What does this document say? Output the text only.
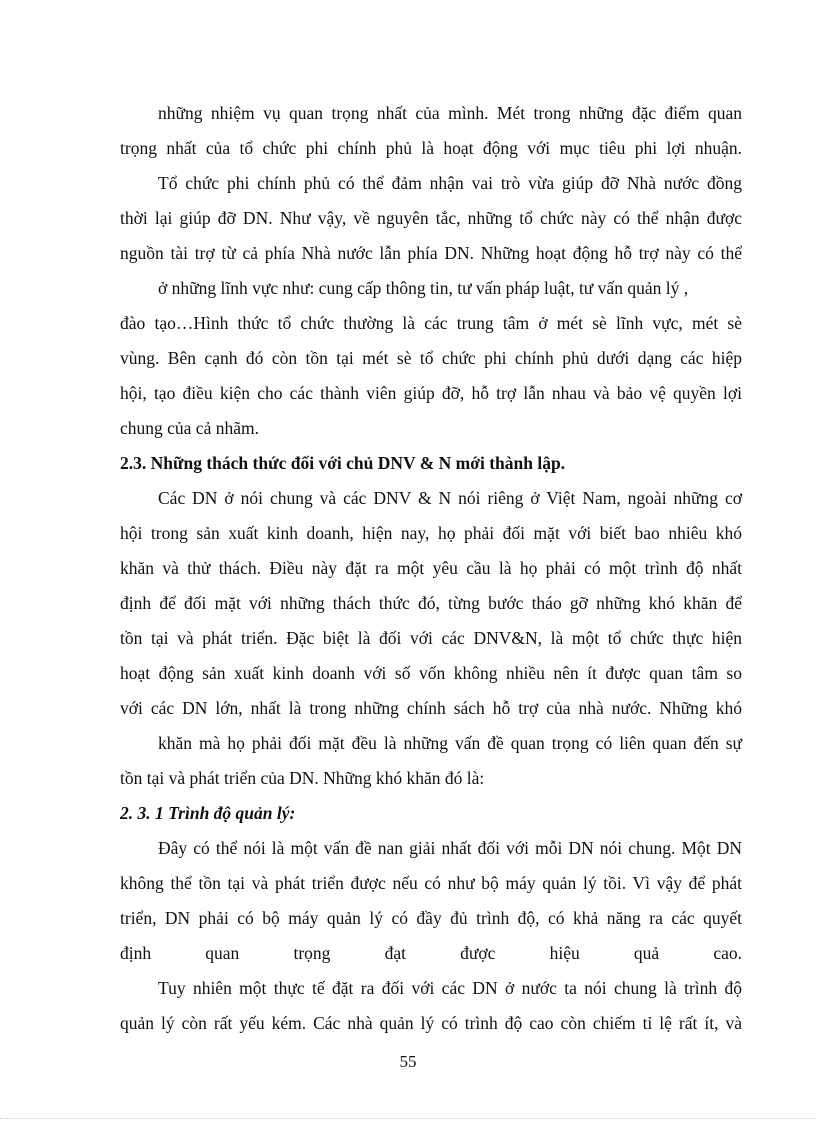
những nhiệm vụ quan trọng nhất của mình. Mét trong những đặc điểm quan
trọng nhất của tổ chức phi chính phủ là hoạt động với mục tiêu phi lợi nhuận.
Tổ chức phi chính phủ có thể đảm nhận vai trò vừa giúp đỡ Nhà nước đồng
thời lại giúp đỡ DN. Như vậy, về nguyên tắc, những tổ chức này có thể nhận được
nguồn tài trợ từ cả phía Nhà nước lẫn phía DN. Những hoạt động hỗ trợ này có thể
ở những lĩnh vực như: cung cấp thông tin, tư vấn pháp luật, tư vấn quản lý ,
đào tạo…Hình thức tổ chức thường là các trung tâm ở mét sè lĩnh vực, mét sè
vùng. Bên cạnh đó còn tồn tại mét sè tổ chức phi chính phủ dưới dạng các hiệp
hội, tạo điều kiện cho các thành viên giúp đỡ, hỗ trợ lẫn nhau và bảo vệ quyền lợi
chung của cả nhãm.
2.3. Những thách thức đối với chủ DNV & N mới thành lập.
Các DN ở nói chung và các DNV & N nói riêng ở Việt Nam, ngoài những cơ
hội trong sản xuất kinh doanh, hiện nay, họ phải đối mặt với biết bao nhiêu khó
khăn và thử thách. Điều này đặt ra một yêu cầu là họ phải có một trình độ nhất
định để đối mặt với những thách thức đó, từng bước tháo gỡ những khó khăn để
tồn tại và phát triển. Đặc biệt là đối với các DNV&N, là một tổ chức thực hiện
hoạt động sản xuất kinh doanh với số vốn không nhiều nên ít được quan tâm so
với các DN lớn, nhất là trong những chính sách hỗ trợ của nhà nước. Những khó
khăn mà họ phải đối mặt đều là những vấn đề quan trọng có liên quan đến sự
tồn tại và phát triển của DN. Những khó khăn đó là:
2. 3. 1 Trình độ quản lý:
Đây có thể nói là một vấn đề nan giải nhất đối với mỗi DN nói chung. Một DN
không thể tồn tại và phát triển được nếu có như bộ máy quản lý tồi. Vì vậy để phát
triển, DN phải có bộ máy quản lý có đầy đủ trình độ, có khả năng ra các quyết
định quan trọng đạt được hiệu quả cao.
Tuy nhiên một thực tế đặt ra đối với các DN ở nước ta nói chung là trình độ
quản lý còn rất yếu kém. Các nhà quản lý có trình độ cao còn chiếm tỉ lệ rất ít, và
55
